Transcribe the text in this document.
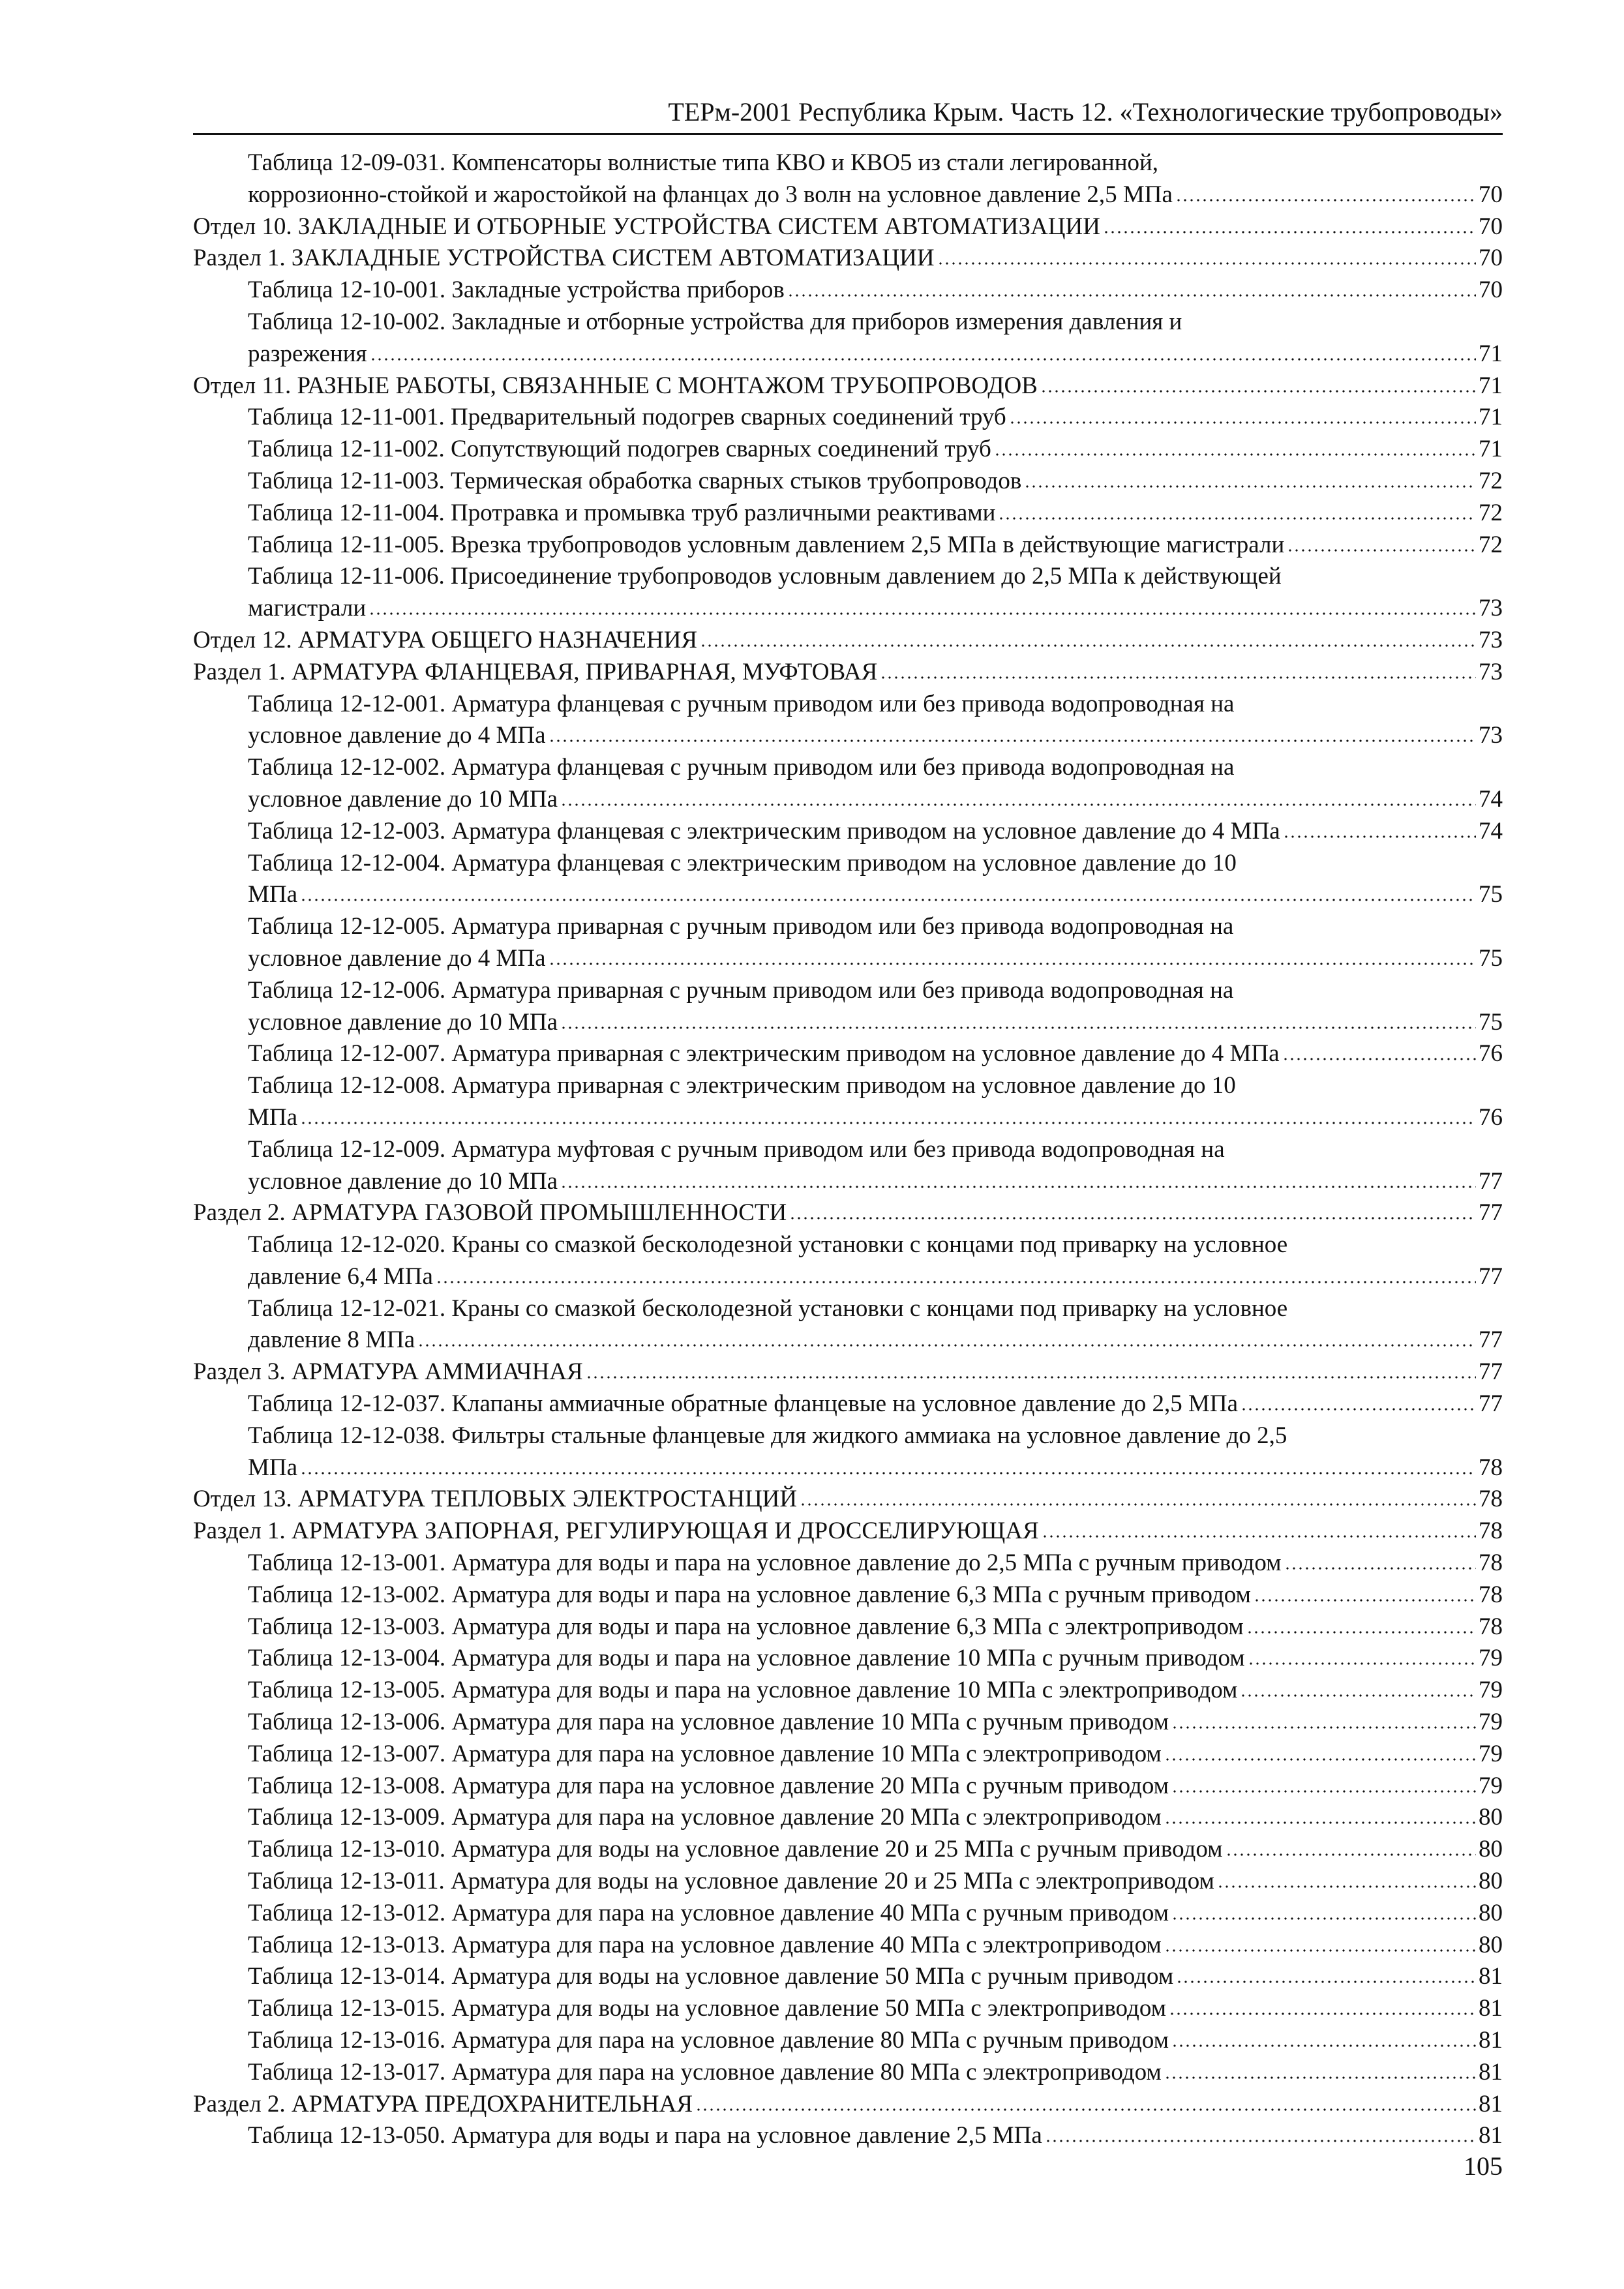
ТЕРм-2001 Республика Крым. Часть 12. «Технологические трубопроводы»
Таблица 12-09-031. Компенсаторы волнистые типа КВО и КВО5 из стали легированной,
коррозионно-стойкой и жаростойкой на фланцах до 3 волн на условное давление 2,5 МПа	70
Отдел 10. ЗАКЛАДНЫЕ И ОТБОРНЫЕ УСТРОЙСТВА СИСТЕМ АВТОМАТИЗАЦИИ	70
Раздел 1. ЗАКЛАДНЫЕ УСТРОЙСТВА СИСТЕМ АВТОМАТИЗАЦИИ	70
Таблица 12-10-001. Закладные устройства приборов	70
Таблица 12-10-002. Закладные и отборные устройства для приборов измерения давления и
разрежения	71
Отдел 11. РАЗНЫЕ РАБОТЫ, СВЯЗАННЫЕ С МОНТАЖОМ ТРУБОПРОВОДОВ	71
Таблица 12-11-001. Предварительный подогрев сварных соединений труб	71
Таблица 12-11-002. Сопутствующий подогрев сварных соединений труб	71
Таблица 12-11-003. Термическая обработка сварных стыков трубопроводов	72
Таблица 12-11-004. Протравка и промывка труб различными реактивами	72
Таблица 12-11-005. Врезка трубопроводов условным давлением 2,5 МПа в действующие магистрали	72
Таблица 12-11-006. Присоединение трубопроводов условным давлением до 2,5 МПа к действующей
магистрали	73
Отдел 12. АРМАТУРА ОБЩЕГО НАЗНАЧЕНИЯ	73
Раздел 1. АРМАТУРА ФЛАНЦЕВАЯ, ПРИВАРНАЯ, МУФТОВАЯ	73
Таблица 12-12-001. Арматура фланцевая с ручным приводом или без привода водопроводная на
условное давление до 4 МПа	73
Таблица 12-12-002. Арматура фланцевая с ручным приводом или без привода водопроводная на
условное давление до 10 МПа	74
Таблица 12-12-003. Арматура фланцевая с электрическим приводом на условное давление до 4 МПа	74
Таблица 12-12-004. Арматура фланцевая с электрическим приводом на условное давление до 10
МПа	75
Таблица 12-12-005. Арматура приварная с ручным приводом или без привода водопроводная на
условное давление до 4 МПа	75
Таблица 12-12-006. Арматура приварная с ручным приводом или без привода водопроводная на
условное давление до 10 МПа	75
Таблица 12-12-007. Арматура приварная с электрическим приводом на условное давление до 4 МПа	76
Таблица 12-12-008. Арматура приварная с электрическим приводом на условное давление до 10
МПа	76
Таблица 12-12-009. Арматура муфтовая с ручным приводом или без привода водопроводная на
условное давление до 10 МПа	77
Раздел 2. АРМАТУРА ГАЗОВОЙ ПРОМЫШЛЕННОСТИ	77
Таблица 12-12-020. Краны со смазкой бесколодезной установки с концами под приварку на условное
давление 6,4 МПа	77
Таблица 12-12-021. Краны со смазкой бесколодезной установки с концами под приварку на условное
давление 8 МПа	77
Раздел 3. АРМАТУРА АММИАЧНАЯ	77
Таблица 12-12-037. Клапаны аммиачные обратные фланцевые на условное давление до 2,5 МПа	77
Таблица 12-12-038. Фильтры стальные фланцевые для жидкого аммиака на условное давление до 2,5
МПа	78
Отдел 13. АРМАТУРА ТЕПЛОВЫХ ЭЛЕКТРОСТАНЦИЙ	78
Раздел 1. АРМАТУРА ЗАПОРНАЯ, РЕГУЛИРУЮЩАЯ И ДРОССЕЛИРУЮЩАЯ	78
Таблица 12-13-001. Арматура для воды и пара на условное давление до 2,5 МПа с ручным приводом	78
Таблица 12-13-002. Арматура для воды и пара на условное давление 6,3 МПа с ручным приводом	78
Таблица 12-13-003. Арматура для воды и пара на условное давление 6,3 МПа с электроприводом	78
Таблица 12-13-004. Арматура для воды и пара на условное давление 10 МПа с ручным приводом	79
Таблица 12-13-005. Арматура для воды и пара на условное давление 10 МПа с электроприводом	79
Таблица 12-13-006. Арматура для пара на условное давление 10 МПа с ручным приводом	79
Таблица 12-13-007. Арматура для пара на условное давление 10 МПа с электроприводом	79
Таблица 12-13-008. Арматура для пара на условное давление 20 МПа с ручным приводом	79
Таблица 12-13-009. Арматура для пара на условное давление 20 МПа с электроприводом	80
Таблица 12-13-010. Арматура для воды на условное давление 20 и 25 МПа с ручным приводом	80
Таблица 12-13-011. Арматура для воды на условное давление 20 и 25 МПа с электроприводом	80
Таблица 12-13-012. Арматура для пара на условное давление 40 МПа с ручным приводом	80
Таблица 12-13-013. Арматура для пара на условное давление 40 МПа с электроприводом	80
Таблица 12-13-014. Арматура для воды на условное давление 50 МПа с ручным приводом	81
Таблица 12-13-015. Арматура для воды на условное давление 50 МПа с электроприводом	81
Таблица 12-13-016. Арматура для пара на условное давление 80 МПа с ручным приводом	81
Таблица 12-13-017. Арматура для пара на условное давление 80 МПа с электроприводом	81
Раздел 2. АРМАТУРА ПРЕДОХРАНИТЕЛЬНАЯ	81
Таблица 12-13-050. Арматура для воды и пара на условное давление 2,5 МПа	81
105
